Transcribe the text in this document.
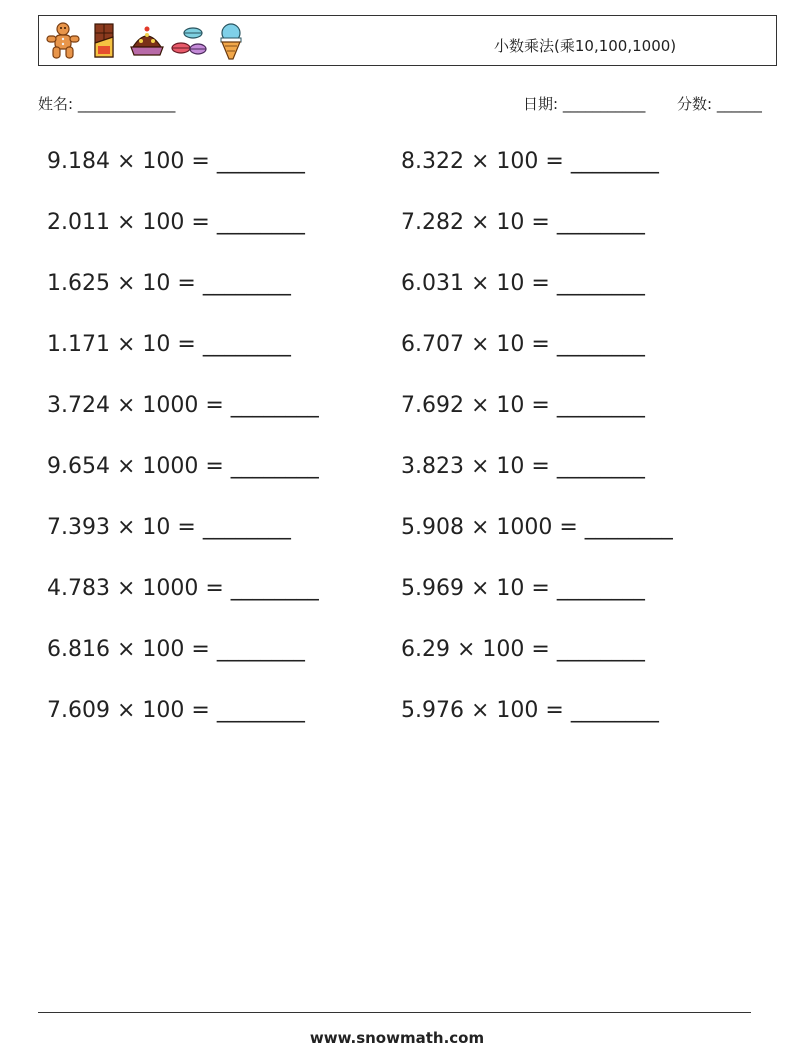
小数乘法(乘10,100,1000)
姓名: _____________	日期: ___________ 分数: ______
9.184 × 100 = ________	8.322 × 100 = ________
2.011 × 100 = ________	7.282 × 10 = ________
1.625 × 10 = ________	6.031 × 10 = ________
1.171 × 10 = ________	6.707 × 10 = ________
3.724 × 1000 = ________	7.692 × 10 = ________
9.654 × 1000 = ________	3.823 × 10 = ________
7.393 × 10 = ________	5.908 × 1000 = ________
4.783 × 1000 = ________	5.969 × 10 = ________
6.816 × 100 = ________	6.29 × 100 = ________
7.609 × 100 = ________	5.976 × 100 = ________
www.snowmath.com
